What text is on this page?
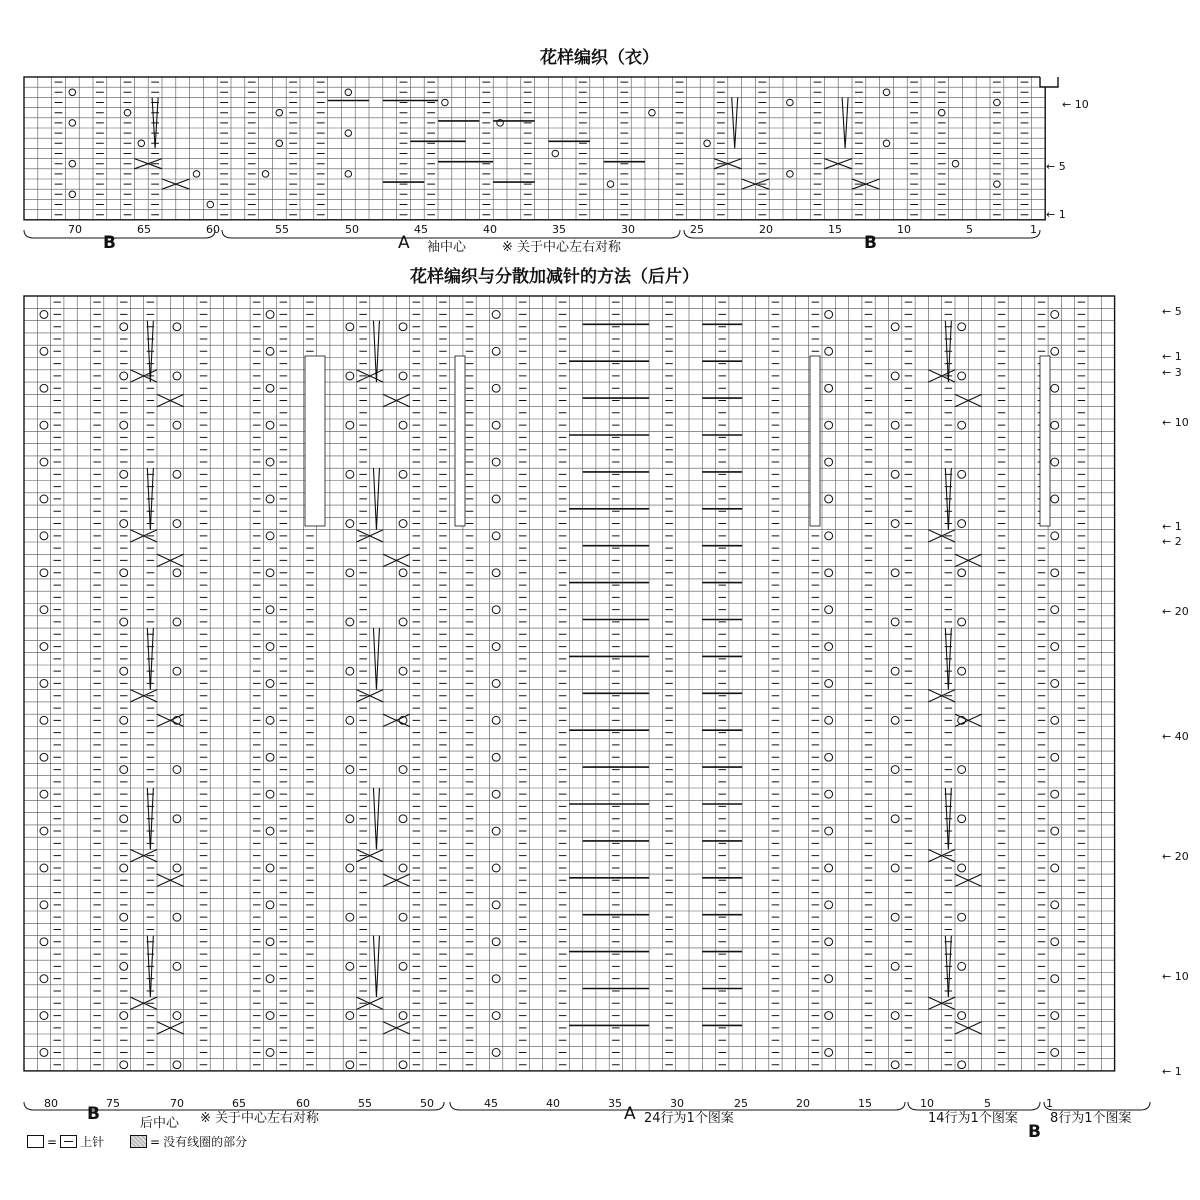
花样编织（衣）
花样编织与分散加减针的方法（后片）
70	65	60	55	50	45	40	35	30	25	20	15	10	5	1
80	75	70	65	60	55	50	45	40	35	30	25	20	15	10	5	1
B	A 袖中心	※ 关于中心左右对称	B
← 10
← 5
← 1
B	后中心 ※ 关于中心左右对称	A 24行为1个图案	14行为1个图案 8行为1个图案
B
← 5
← 1
← 3
← 10
← 1
← 2
← 20
← 40
← 20
← 10
← 1
= 上针	= 没有线圈的部分
